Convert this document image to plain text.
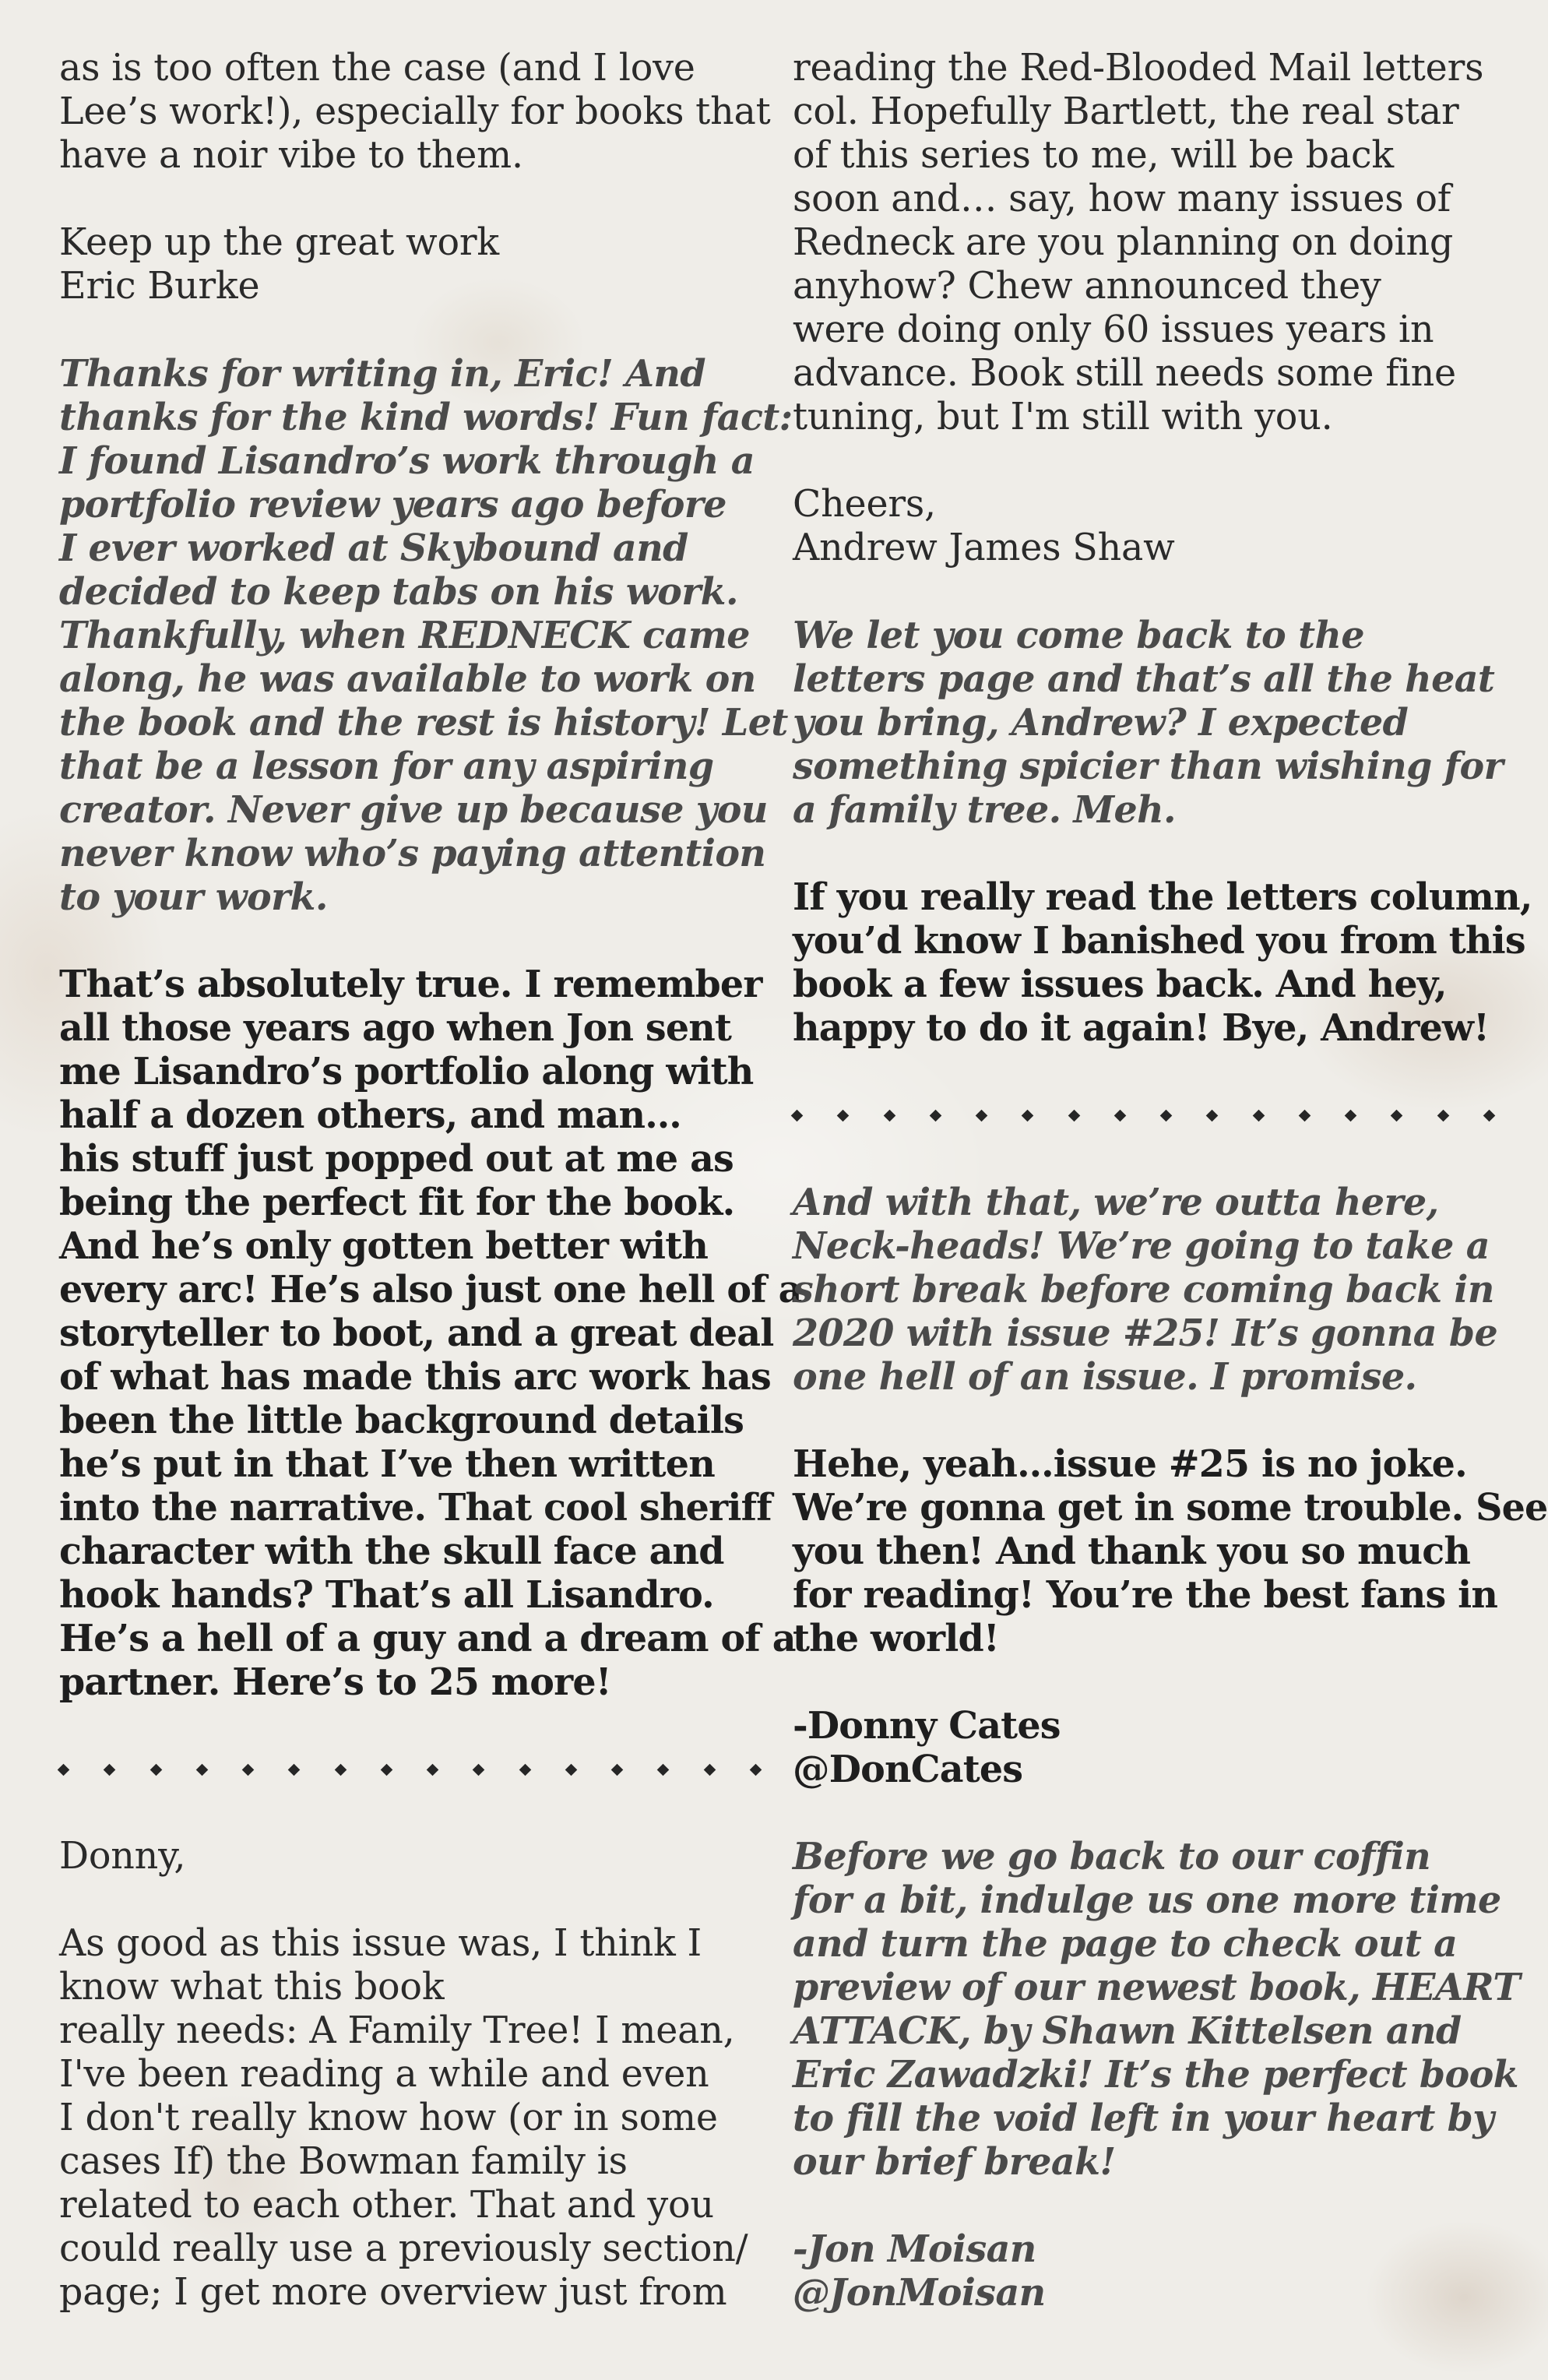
as is too often the case (and I love
Lee’s work!), especially for books that
have a noir vibe to them.
Keep up the great work
Eric Burke
Thanks for writing in, Eric! And
thanks for the kind words! Fun fact:
I found Lisandro’s work through a
portfolio review years ago before
I ever worked at Skybound and
decided to keep tabs on his work.
Thankfully, when REDNECK came
along, he was available to work on
the book and the rest is history! Let
that be a lesson for any aspiring
creator. Never give up because you
never know who’s paying attention
to your work.
That’s absolutely true. I remember
all those years ago when Jon sent
me Lisandro’s portfolio along with
half a dozen others, and man…
his stuff just popped out at me as
being the perfect fit for the book.
And he’s only gotten better with
every arc! He’s also just one hell of a
storyteller to boot, and a great deal
of what has made this arc work has
been the little background details
he’s put in that I’ve then written
into the narrative. That cool sheriff
character with the skull face and
hook hands? That’s all Lisandro.
He’s a hell of a guy and a dream of a
partner. Here’s to 25 more!
Donny,
As good as this issue was, I think I
know what this book
really needs: A Family Tree! I mean,
I've been reading a while and even
I don't really know how (or in some
cases If) the Bowman family is
related to each other. That and you
could really use a previously section/
page; I get more overview just from
reading the Red-Blooded Mail letters
col. Hopefully Bartlett, the real star
of this series to me, will be back
soon and… say, how many issues of
Redneck are you planning on doing
anyhow? Chew announced they
were doing only 60 issues years in
advance. Book still needs some fine
tuning, but I'm still with you.
Cheers,
Andrew James Shaw
We let you come back to the
letters page and that’s all the heat
you bring, Andrew? I expected
something spicier than wishing for
a family tree. Meh.
If you really read the letters column,
you’d know I banished you from this
book a few issues back. And hey,
happy to do it again! Bye, Andrew!
And with that, we’re outta here,
Neck-heads! We’re going to take a
short break before coming back in
2020 with issue #25! It’s gonna be
one hell of an issue. I promise.
Hehe, yeah…issue #25 is no joke.
We’re gonna get in some trouble. See
you then! And thank you so much
for reading! You’re the best fans in
the world!
-Donny Cates
@DonCates
Before we go back to our coffin
for a bit, indulge us one more time
and turn the page to check out a
preview of our newest book, HEART
ATTACK, by Shawn Kittelsen and
Eric Zawadzki! It’s the perfect book
to fill the void left in your heart by
our brief break!
-Jon Moisan
@JonMoisan
